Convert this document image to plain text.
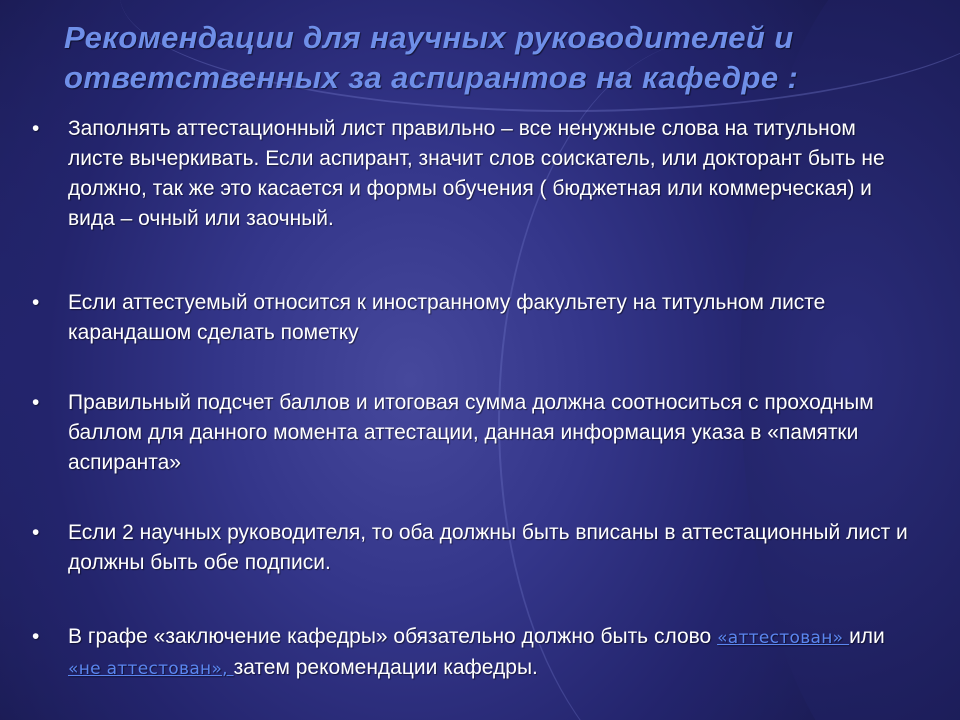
Рекомендации для научных руководителей и ответственных за аспирантов на кафедре :
• Заполнять аттестационный лист правильно – все ненужные слова на титульном листе вычеркивать. Если аспирант, значит слов соискатель, или докторант быть не должно, так же это касается и формы обучения ( бюджетная или коммерческая) и вида – очный или заочный.
• Если аттестуемый относится к иностранному факультету на титульном листе карандашом сделать пометку
• Правильный подсчет баллов и итоговая сумма должна соотноситься с проходным баллом для данного момента аттестации, данная информация указа в «памятки аспиранта»
• Если 2 научных руководителя, то оба должны быть вписаны в аттестационный лист и должны быть обе подписи.
• В графе «заключение кафедры» обязательно должно быть слово «аттестован» или «не аттестован», затем рекомендации кафедры.
